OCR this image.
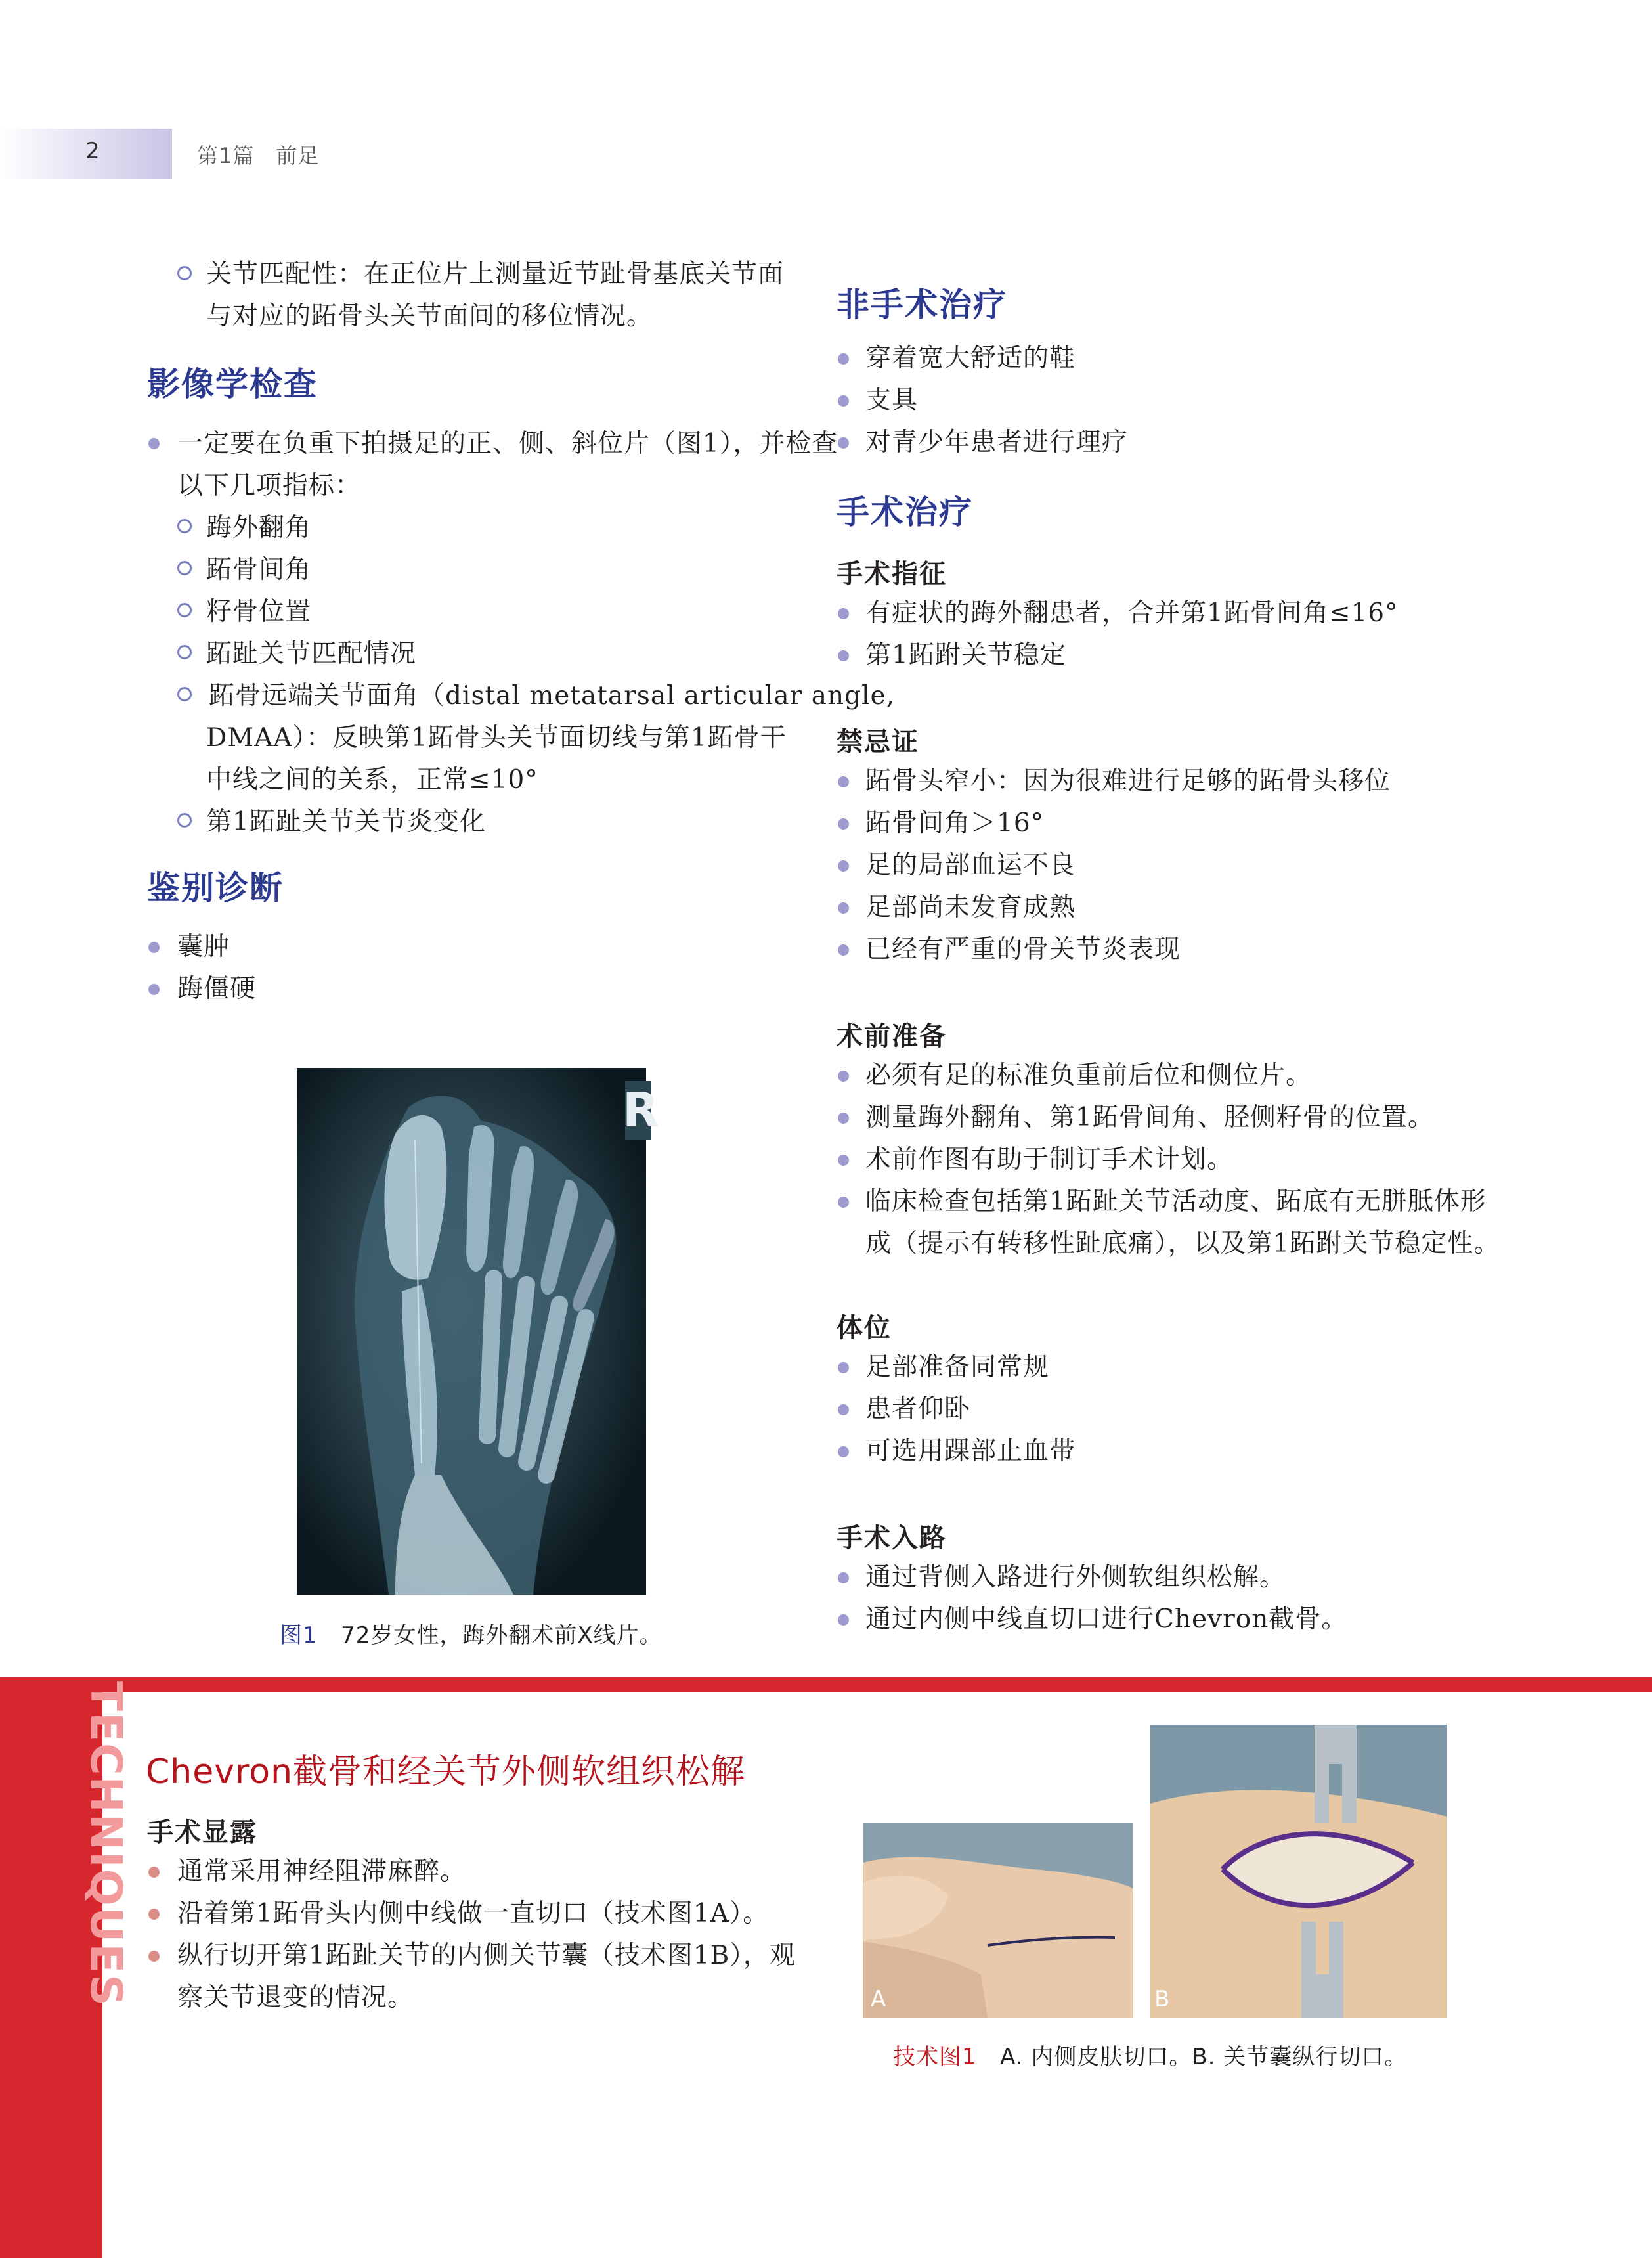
2	第1篇　前足
关节匹配性：在正位片上测量近节趾骨基底关节面
与对应的跖骨头关节面间的移位情况。
影像学检查
一定要在负重下拍摄足的正、侧、斜位片（图1），并检查
以下几项指标：
踇外翻角
跖骨间角
籽骨位置
跖趾关节匹配情况
跖骨远端关节面角（distal metatarsal articular angle,
DMAA）：反映第1跖骨头关节面切线与第1跖骨干
中线之间的关系，正常≤10°
第1跖趾关节关节炎变化
鉴别诊断
囊肿
踇僵硬
R
图1 72岁女性，踇外翻术前X线片。
非手术治疗
穿着宽大舒适的鞋
支具
对青少年患者进行理疗
手术治疗
手术指征
有症状的踇外翻患者，合并第1跖骨间角≤16°
第1跖跗关节稳定
禁忌证
跖骨头窄小：因为很难进行足够的跖骨头移位
跖骨间角＞16°
足的局部血运不良
足部尚未发育成熟
已经有严重的骨关节炎表现
术前准备
必须有足的标准负重前后位和侧位片。
测量踇外翻角、第1跖骨间角、胫侧籽骨的位置。
术前作图有助于制订手术计划。
临床检查包括第1跖趾关节活动度、跖底有无胼胝体形
成（提示有转移性趾底痛），以及第1跖跗关节稳定性。
体位
足部准备同常规
患者仰卧
可选用踝部止血带
手术入路
通过背侧入路进行外侧软组织松解。
通过内侧中线直切口进行Chevron截骨。
TECHNIQUES Chevron截骨和经关节外侧软组织松解
手术显露
通常采用神经阻滞麻醉。
沿着第1跖骨头内侧中线做一直切口（技术图1A）。
纵行切开第1跖趾关节的内侧关节囊（技术图1B），观
察关节退变的情况。	A	B
技术图1 A. 内侧皮肤切口。B. 关节囊纵行切口。
